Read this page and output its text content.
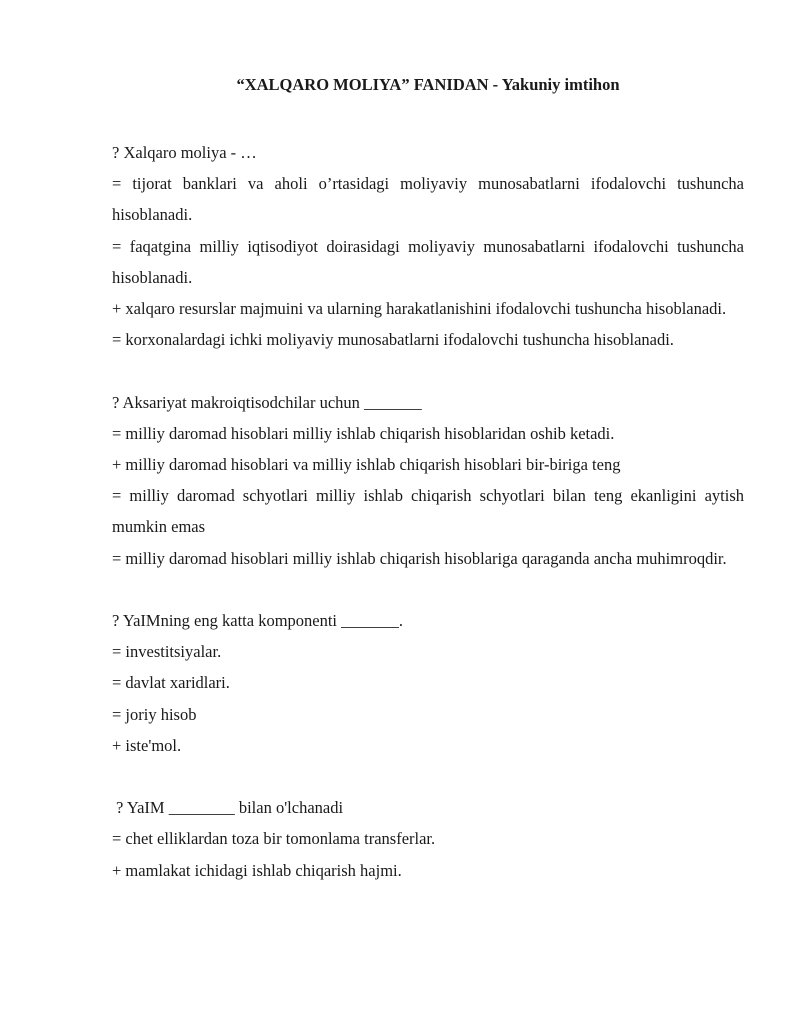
“XALQARO MOLIYA” FANIDAN - Yakuniy imtihon

? Xalqaro moliya - …

= tijorat banklari va aholi o’rtasidagi moliyaviy munosabatlarni ifodalovchi tushuncha hisoblanadi.

= faqatgina milliy iqtisodiyot doirasidagi moliyaviy munosabatlarni ifodalovchi tushuncha hisoblanadi.

+ xalqaro resurslar majmuini va ularning harakatlanishini ifodalovchi tushuncha hisoblanadi.

= korxonalardagi ichki moliyaviy munosabatlarni ifodalovchi tushuncha hisoblanadi.

? Aksariyat makroiqtisodchilar uchun _______

= milliy daromad hisoblari milliy ishlab chiqarish hisoblaridan oshib ketadi.

+ milliy daromad hisoblari va milliy ishlab chiqarish hisoblari bir-biriga teng

= milliy daromad schyotlari milliy ishlab chiqarish schyotlari bilan teng ekanligini aytish mumkin emas

= milliy daromad hisoblari milliy ishlab chiqarish hisoblariga qaraganda ancha muhimroqdir.

? YaIMning eng katta komponenti _______.

= investitsiyalar.

= davlat xaridlari.

= joriy hisob

+ iste'mol.

? YaIM ________ bilan o'lchanadi

= chet elliklardan toza bir tomonlama transferlar.

+ mamlakat ichidagi ishlab chiqarish hajmi.
